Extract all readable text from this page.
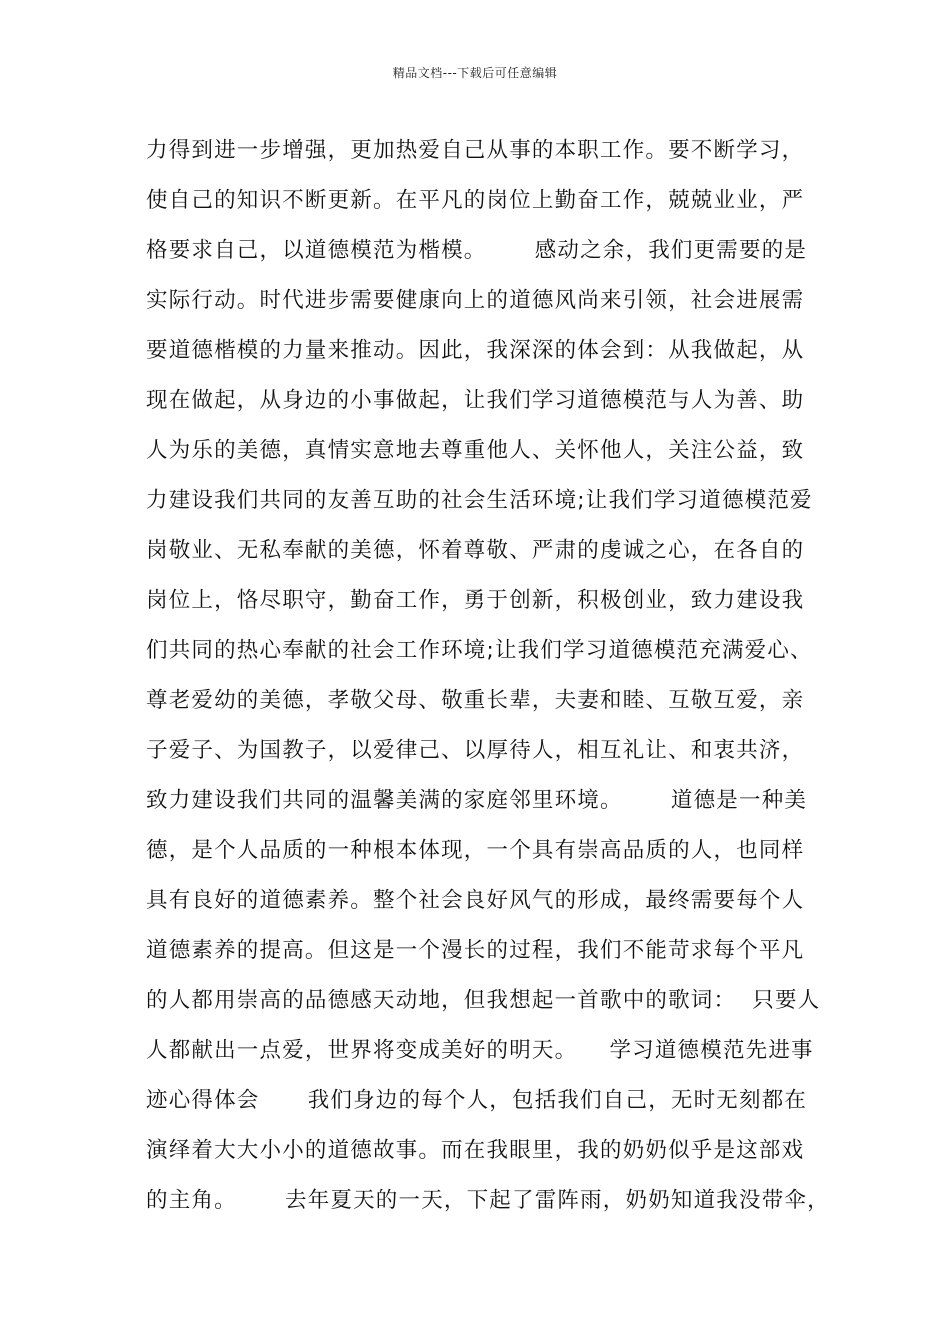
精品文档---下载后可任意编辑
力得到进一步增强，更加热爱自己从事的本职工作。要不断学习，
使自己的知识不断更新。在平凡的岗位上勤奋工作，兢兢业业，严
格要求自己，以道德模范为楷模。      感动之余，我们更需要的是
实际行动。时代进步需要健康向上的道德风尚来引领，社会进展需
要道德楷模的力量来推动。因此，我深深的体会到：从我做起，从
现在做起，从身边的小事做起，让我们学习道德模范与人为善、助
人为乐的美德，真情实意地去尊重他人、关怀他人，关注公益，致
力建设我们共同的友善互助的社会生活环境;让我们学习道德模范爱
岗敬业、无私奉献的美德，怀着尊敬、严肃的虔诚之心，在各自的
岗位上，恪尽职守，勤奋工作，勇于创新，积极创业，致力建设我
们共同的热心奉献的社会工作环境;让我们学习道德模范充满爱心、
尊老爱幼的美德，孝敬父母、敬重长辈，夫妻和睦、互敬互爱，亲
子爱子、为国教子，以爱律己、以厚待人，相互礼让、和衷共济，
致力建设我们共同的温馨美满的家庭邻里环境。      道德是一种美
德，是个人品质的一种根本体现，一个具有崇高品质的人，也同样
具有良好的道德素养。整个社会良好风气的形成，最终需要每个人
道德素养的提高。但这是一个漫长的过程，我们不能苛求每个平凡
的人都用崇高的品德感天动地，但我想起一首歌中的歌词：  只要人
人都献出一点爱，世界将变成美好的明天。    学习道德模范先进事
迹心得体会      我们身边的每个人，包括我们自己，无时无刻都在
演绎着大大小小的道德故事。而在我眼里，我的奶奶似乎是这部戏
的主角。      去年夏天的一天，下起了雷阵雨，奶奶知道我没带伞，
